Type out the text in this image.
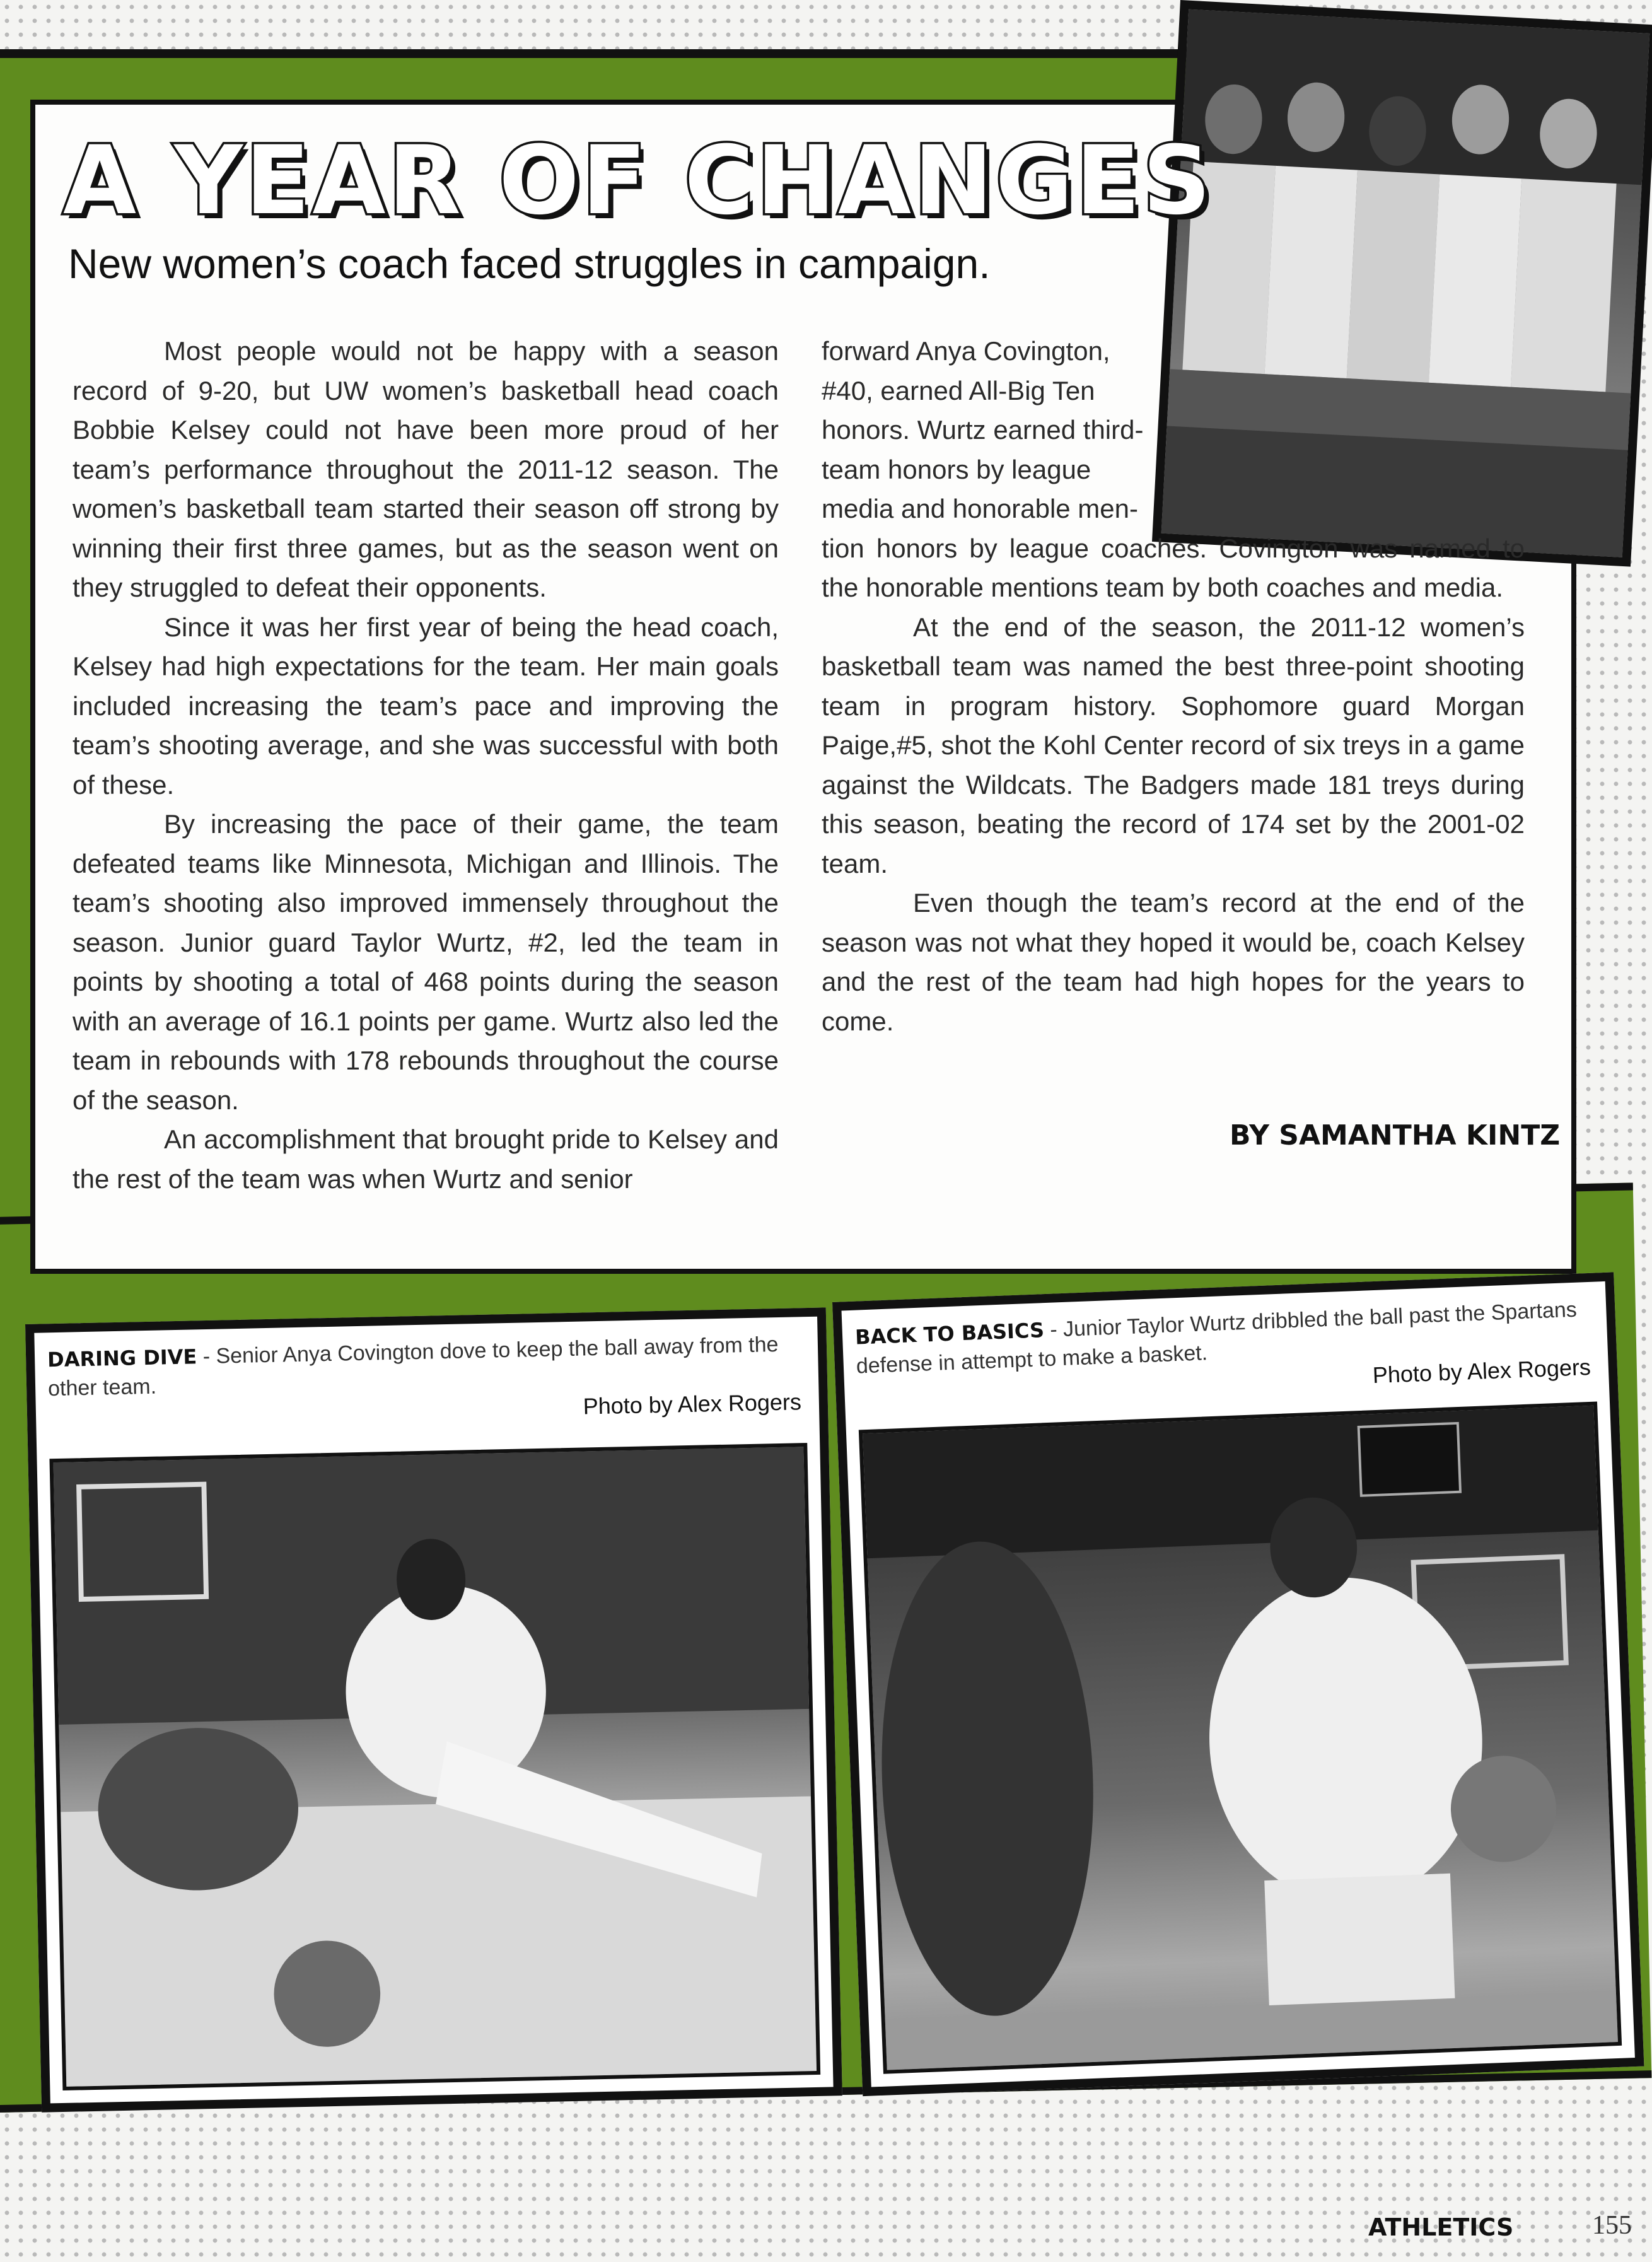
A YEAR OF CHANGES
New women’s coach faced struggles in campaign.

Most people would not be happy with a season record of 9-20, but UW women’s basketball head coach Bobbie Kelsey could not have been more proud of her team’s performance throughout the 2011-12 season. The women’s basketball team started their season off strong by winning their first three games, but as the season went on they struggled to defeat their opponents.

Since it was her first year of being the head coach, Kelsey had high expectations for the team. Her main goals included increasing the team’s pace and improving the team’s shooting average, and she was successful with both of these.

By increasing the pace of their game, the team defeated teams like Minnesota, Michigan and Illinois. The team’s shooting also improved immensely throughout the season. Junior guard Taylor Wurtz, #2, led the team in points by shooting a total of 468 points during the season with an average of 16.1 points per game. Wurtz also led the team in rebounds with 178 rebounds throughout the course of the season.

An accomplishment that brought pride to Kelsey and the rest of the team was when Wurtz and senior

forward Anya Covington, #40, earned All-Big Ten honors. Wurtz earned third-team honors by league media and honorable men-

tion honors by league coaches. Covington was named to the honorable mentions team by both coaches and media.

At the end of the season, the 2011-12 women’s basketball team was named the best three-point shooting team in program history. Sophomore guard Morgan Paige,#5, shot the Kohl Center record of six treys in a game against the Wildcats. The Badgers made 181 treys during this season, beating the record of 174 set by the 2001-02 team.

Even though the team’s record at the end of the season was not what they hoped it would be, coach Kelsey and the rest of the team had high hopes for the years to come.

BY SAMANTHA KINTZ
DARING DIVE - Senior Anya Covington dove to keep the ball away from the other team.
Photo by Alex Rogers
BACK TO BASICS - Junior Taylor Wurtz dribbled the ball past the Spartans defense in attempt to make a basket.	Photo by Alex Rogers
ATHLETICS	155
